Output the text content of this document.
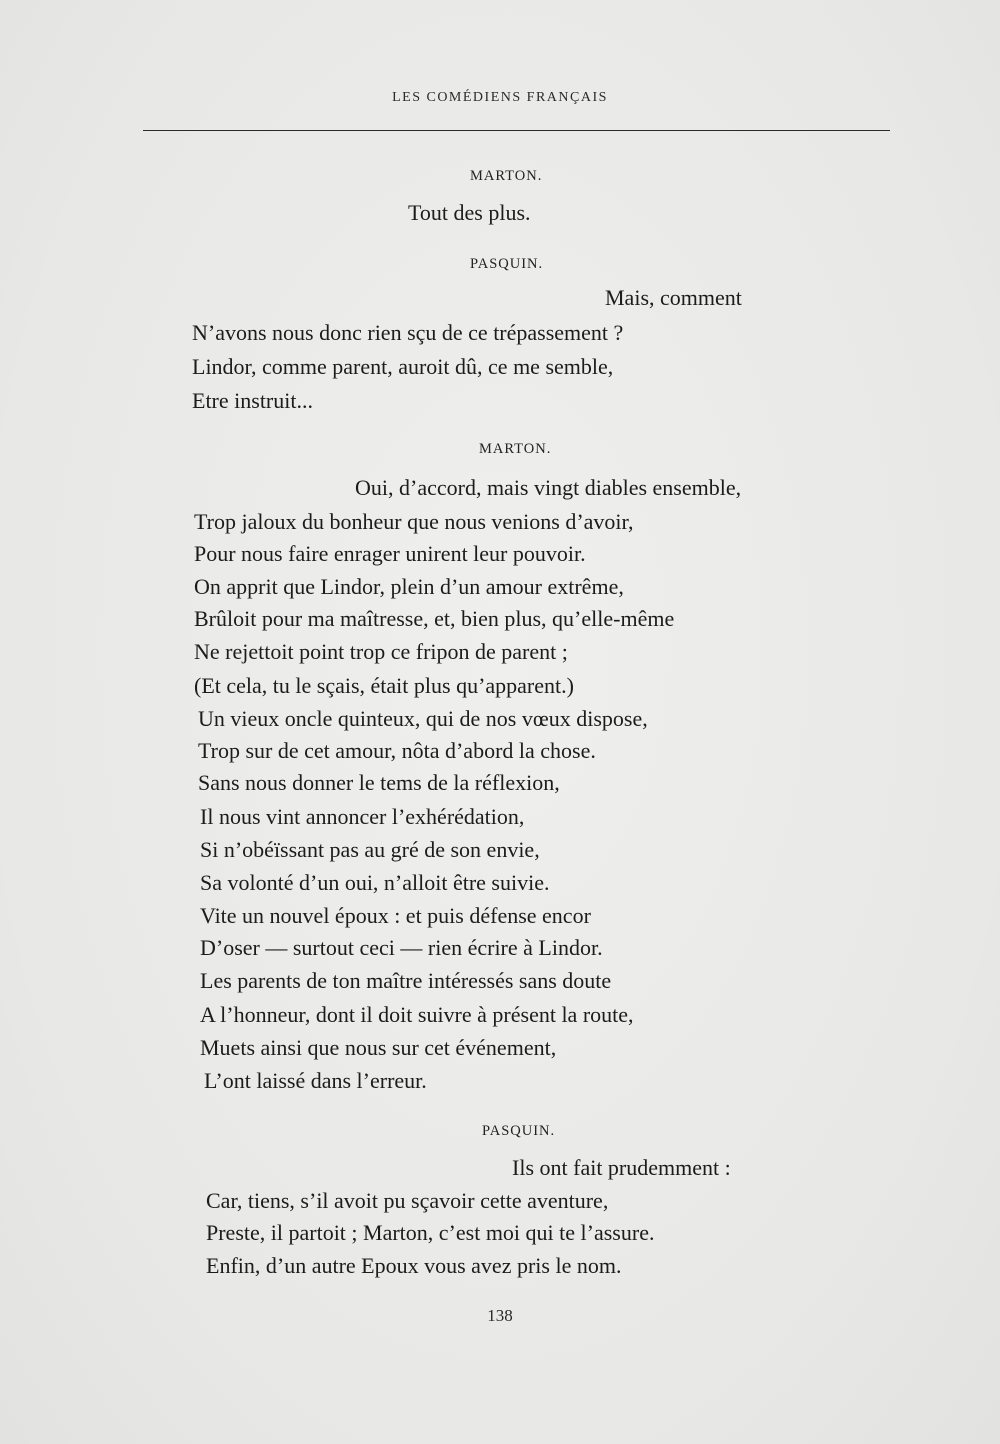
LES COMÉDIENS FRANÇAIS
MARTON.
Tout des plus.
PASQUIN.
Mais, comment
N’avons nous donc rien sçu de ce trépassement ?
Lindor, comme parent, auroit dû, ce me semble,
Etre instruit...
MARTON.
Oui, d’accord, mais vingt diables ensemble,
Trop jaloux du bonheur que nous venions d’avoir,
Pour nous faire enrager unirent leur pouvoir.
On apprit que Lindor, plein d’un amour extrême,
Brûloit pour ma maîtresse, et, bien plus, qu’elle-même
Ne rejettoit point trop ce fripon de parent ;
(Et cela, tu le sçais, était plus qu’apparent.)
Un vieux oncle quinteux, qui de nos vœux dispose,
Trop sur de cet amour, nôta d’abord la chose.
Sans nous donner le tems de la réflexion,
Il nous vint annoncer l’exhérédation,
Si n’obéïssant pas au gré de son envie,
Sa volonté d’un oui, n’alloit être suivie.
Vite un nouvel époux : et puis défense encor
D’oser — surtout ceci — rien écrire à Lindor.
Les parents de ton maître intéressés sans doute
A l’honneur, dont il doit suivre à présent la route,
Muets ainsi que nous sur cet événement,
L’ont laissé dans l’erreur.
PASQUIN.
Ils ont fait prudemment :
Car, tiens, s’il avoit pu sçavoir cette aventure,
Preste, il partoit ; Marton, c’est moi qui te l’assure.
Enfin, d’un autre Epoux vous avez pris le nom.
138
